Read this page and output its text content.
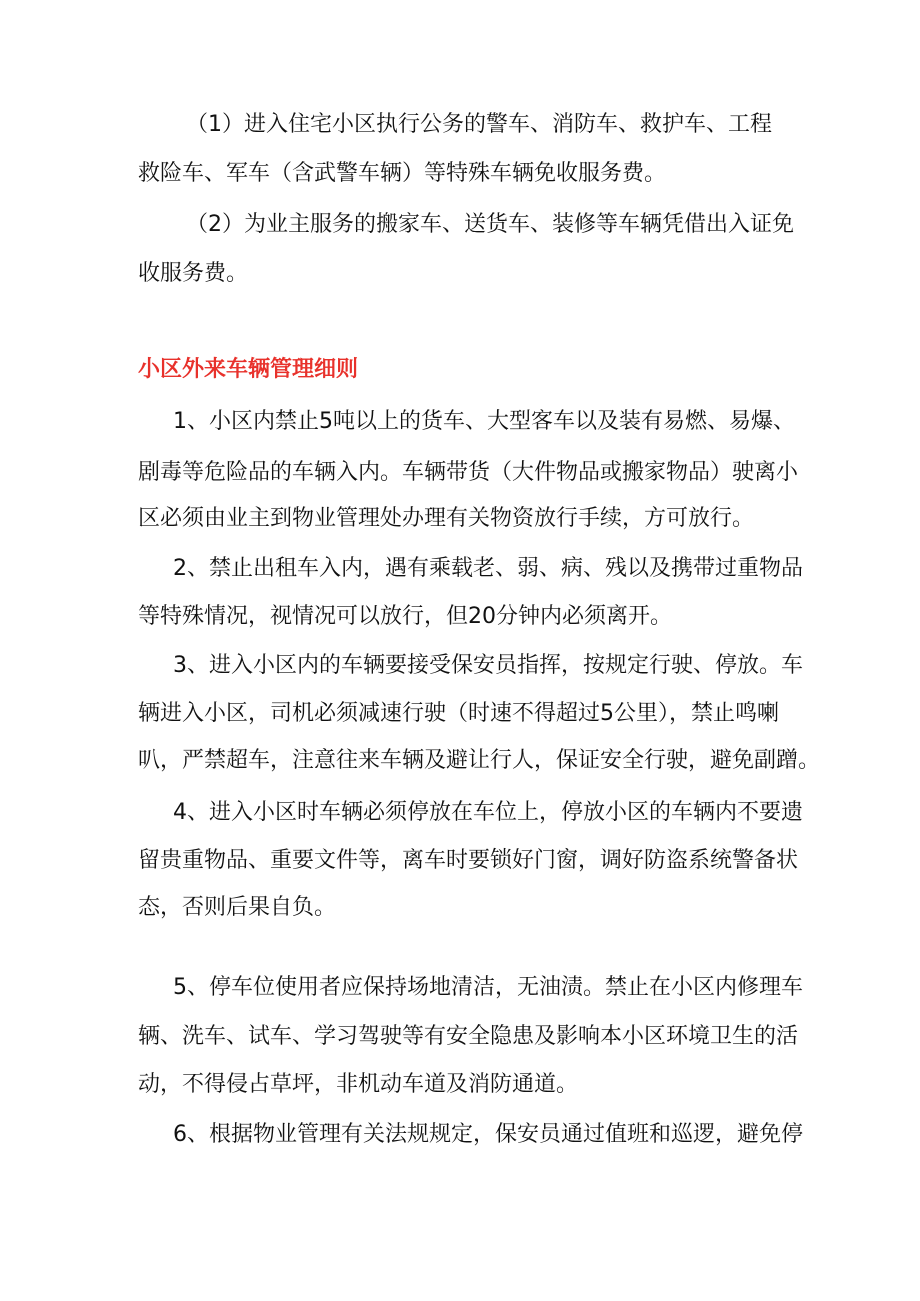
（1）进入住宅小区执行公务的警车、消防车、救护车、工程
救险车、军车（含武警车辆）等特殊车辆免收服务费。
（2）为业主服务的搬家车、送货车、装修等车辆凭借出入证免
收服务费。
小区外来车辆管理细则
1、小区内禁止5吨以上的货车、大型客车以及装有易燃、易爆、
剧毒等危险品的车辆入内。车辆带货（大件物品或搬家物品）驶离小
区必须由业主到物业管理处办理有关物资放行手续，方可放行。
2、禁止出租车入内，遇有乘载老、弱、病、残以及携带过重物品
等特殊情况，视情况可以放行，但20分钟内必须离开。
3、进入小区内的车辆要接受保安员指挥，按规定行驶、停放。车
辆进入小区，司机必须减速行驶（时速不得超过5公里），禁止鸣喇
叭，严禁超车，注意往来车辆及避让行人，保证安全行驶，避免副蹭。
4、进入小区时车辆必须停放在车位上，停放小区的车辆内不要遗
留贵重物品、重要文件等，离车时要锁好门窗，调好防盗系统警备状
态，否则后果自负。
5、停车位使用者应保持场地清洁，无油渍。禁止在小区内修理车
辆、洗车、试车、学习驾驶等有安全隐患及影响本小区环境卫生的活
动，不得侵占草坪，非机动车道及消防通道。
6、根据物业管理有关法规规定，保安员通过值班和巡逻，避免停
